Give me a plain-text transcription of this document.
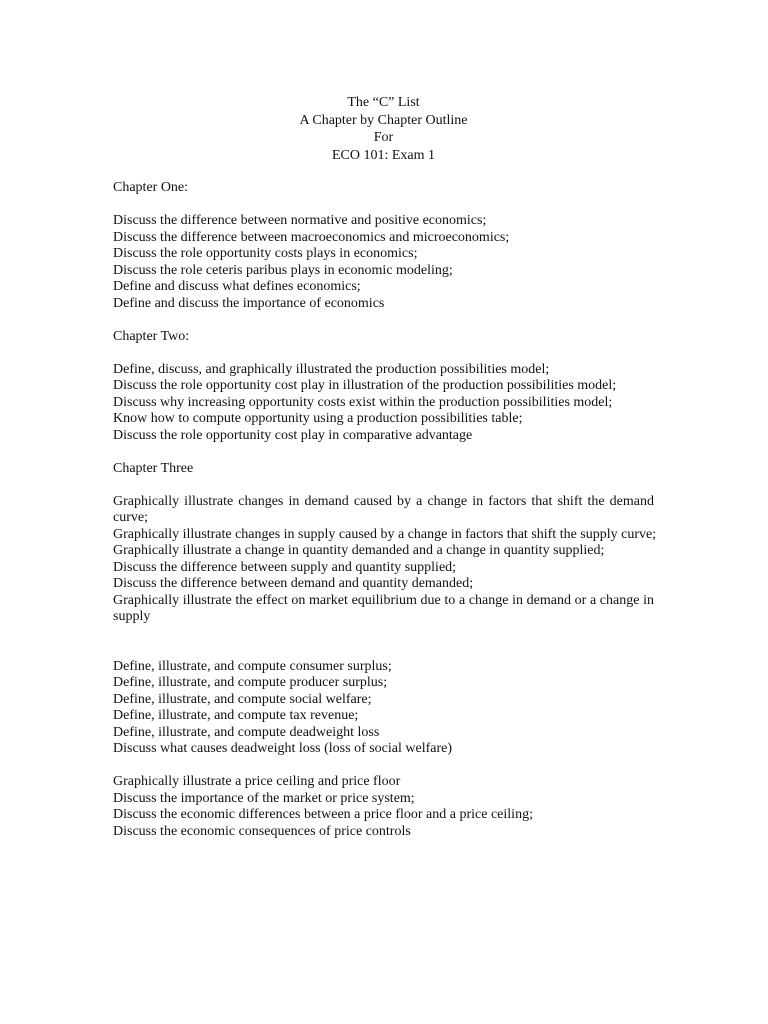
The “C” List
A Chapter by Chapter Outline
For
ECO 101: Exam 1
Chapter One:
Discuss the difference between normative and positive economics;
Discuss the difference between macroeconomics and microeconomics;
Discuss the role opportunity costs plays in economics;
Discuss the role ceteris paribus plays in economic modeling;
Define and discuss what defines economics;
Define and discuss the importance of economics
Chapter Two:
Define, discuss, and graphically illustrated the production possibilities model;
Discuss the role opportunity cost play in illustration of the production possibilities model;
Discuss why increasing opportunity costs exist within the production possibilities model;
Know how to compute opportunity using a production possibilities table;
Discuss the role opportunity cost play in comparative advantage
Chapter Three
Graphically illustrate changes in demand caused by a change in factors that shift the demand curve;
Graphically illustrate changes in supply caused by a change in factors that shift the supply curve;
Graphically illustrate a change in quantity demanded and a change in quantity supplied;
Discuss the difference between supply and quantity supplied;
Discuss the difference between demand and quantity demanded;
Graphically illustrate the effect on market equilibrium due to a change in demand or a change in supply
Define, illustrate, and compute consumer surplus;
Define, illustrate, and compute producer surplus;
Define, illustrate, and compute social welfare;
Define, illustrate, and compute tax revenue;
Define, illustrate, and compute deadweight loss
Discuss what causes deadweight loss (loss of social welfare)
Graphically illustrate a price ceiling and price floor
Discuss the importance of the market or price system;
Discuss the economic differences between a price floor and a price ceiling;
Discuss the economic consequences of price controls
